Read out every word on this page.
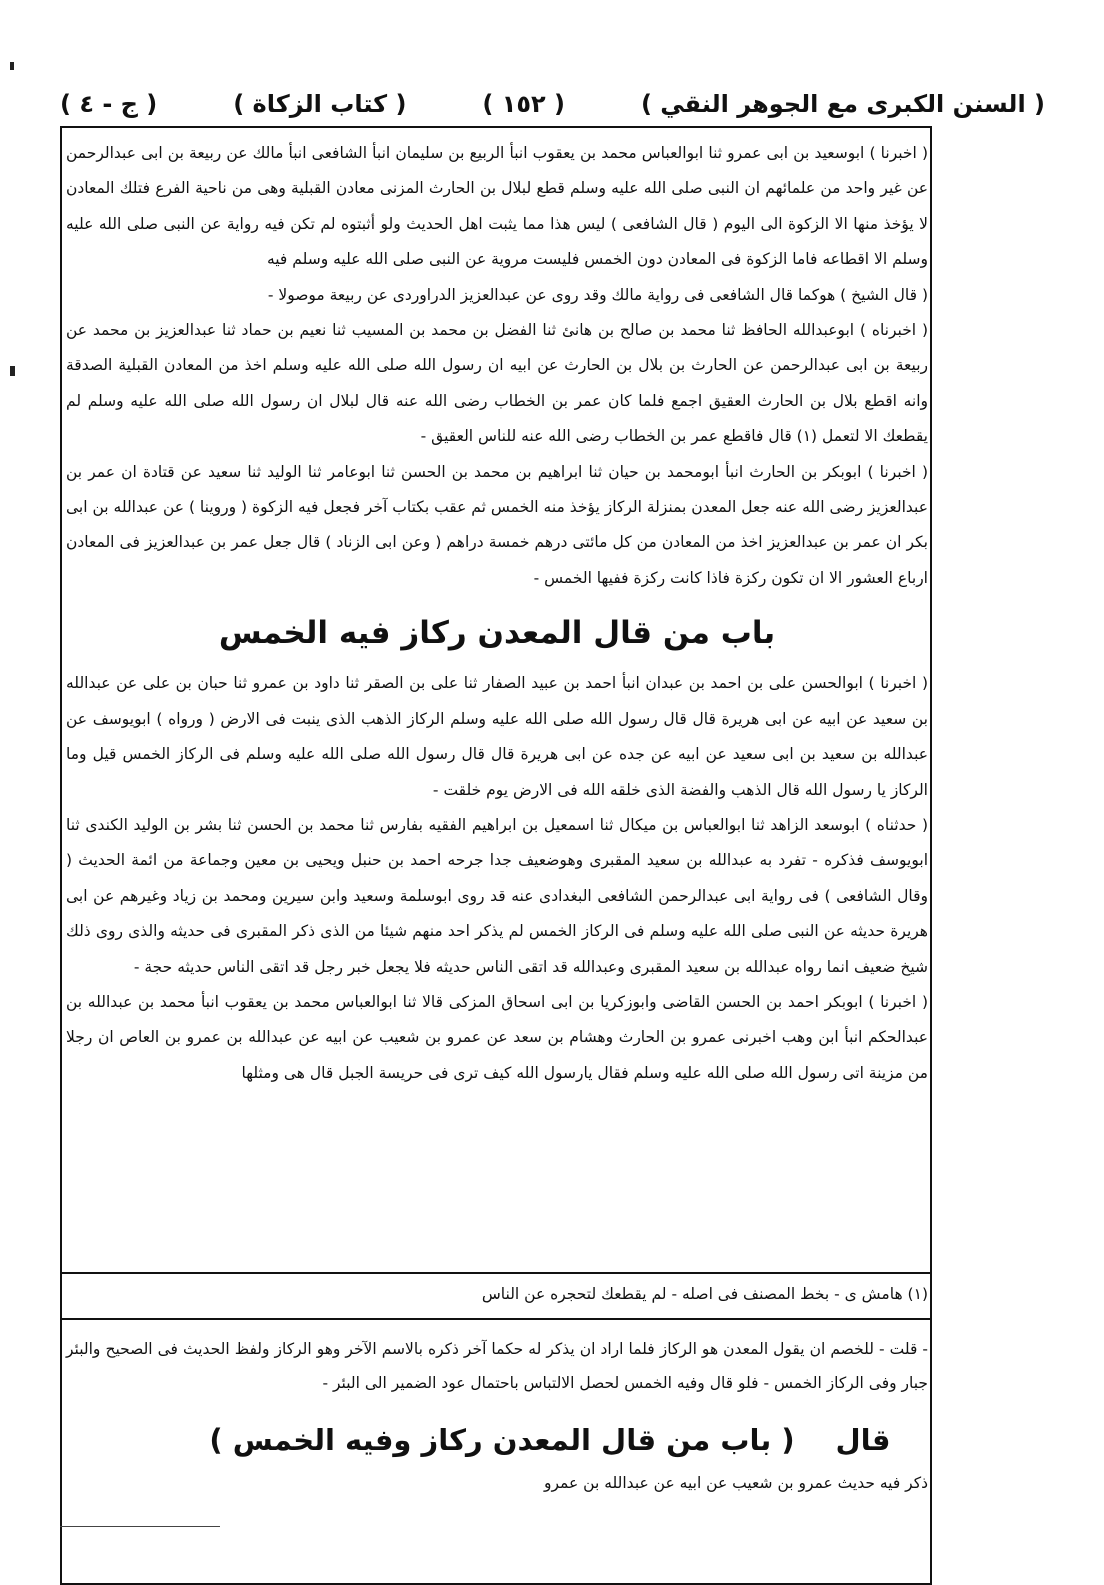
( السنن الكبرى مع الجوهر النقي )
( ١٥٢ )
( كتاب الزكاة )
( ج - ٤ )

( اخبرنا ) ابوسعيد بن ابى عمرو ثنا ابوالعباس محمد بن يعقوب انبأ الربيع بن سليمان انبأ الشافعى انبأ مالك عن ربيعة بن ابى عبدالرحمن عن غير واحد من علمائهم ان النبى صلى الله عليه وسلم قطع لبلال بن الحارث المزنى معادن القبلية وهى من ناحية الفرع فتلك المعادن لا يؤخذ منها الا الزكوة الى اليوم ( قال الشافعى ) ليس هذا مما يثبت اهل الحديث ولو أثبتوه لم تكن فيه رواية عن النبى صلى الله عليه وسلم الا اقطاعه فاما الزكوة فى المعادن دون الخمس فليست مروية عن النبى صلى الله عليه وسلم فيه

( قال الشيخ ) هوكما قال الشافعى فى رواية مالك وقد روى عن عبدالعزيز الدراوردى عن ربيعة موصولا -

( اخبرناه ) ابوعبدالله الحافظ ثنا محمد بن صالح بن هانئ ثنا الفضل بن محمد بن المسيب ثنا نعيم بن حماد ثنا عبدالعزيز بن محمد عن ربيعة بن ابى عبدالرحمن عن الحارث بن بلال بن الحارث عن ابيه ان رسول الله صلى الله عليه وسلم اخذ من المعادن القبلية الصدقة وانه اقطع بلال بن الحارث العقيق اجمع فلما كان عمر بن الخطاب رضى الله عنه قال لبلال ان رسول الله صلى الله عليه وسلم لم يقطعك الا لتعمل (١) قال فاقطع عمر بن الخطاب رضى الله عنه للناس العقيق -

( اخبرنا ) ابوبكر بن الحارث انبأ ابومحمد بن حيان ثنا ابراهيم بن محمد بن الحسن ثنا ابوعامر ثنا الوليد ثنا سعيد عن قتادة ان عمر بن عبدالعزيز رضى الله عنه جعل المعدن بمنزلة الركاز يؤخذ منه الخمس ثم عقب بكتاب آخر فجعل فيه الزكوة ( وروينا ) عن عبدالله بن ابى بكر ان عمر بن عبدالعزيز اخذ من المعادن من كل مائتى درهم خمسة دراهم ( وعن ابى الزناد ) قال جعل عمر بن عبدالعزيز فى المعادن ارباع العشور الا ان تكون ركزة فاذا كانت ركزة ففيها الخمس -

باب من قال المعدن ركاز فيه الخمس

( اخبرنا ) ابوالحسن على بن احمد بن عبدان انبأ احمد بن عبيد الصفار ثنا على بن الصقر ثنا داود بن عمرو ثنا حبان بن على عن عبدالله بن سعيد عن ابيه عن ابى هريرة قال قال رسول الله صلى الله عليه وسلم الركاز الذهب الذى ينبت فى الارض ( ورواه ) ابويوسف عن عبدالله بن سعيد بن ابى سعيد عن ابيه عن جده عن ابى هريرة قال قال رسول الله صلى الله عليه وسلم فى الركاز الخمس قيل وما الركاز يا رسول الله قال الذهب والفضة الذى خلقه الله فى الارض يوم خلقت -

( حدثناه ) ابوسعد الزاهد ثنا ابوالعباس بن ميكال ثنا اسمعيل بن ابراهيم الفقيه بفارس ثنا محمد بن الحسن ثنا بشر بن الوليد الكندى ثنا ابويوسف فذكره - تفرد به عبدالله بن سعيد المقبرى وهوضعيف جدا جرحه احمد بن حنبل ويحيى بن معين وجماعة من ائمة الحديث ( وقال الشافعى ) فى رواية ابى عبدالرحمن الشافعى البغدادى عنه قد روى ابوسلمة وسعيد وابن سيرين ومحمد بن زياد وغيرهم عن ابى هريرة حديثه عن النبى صلى الله عليه وسلم فى الركاز الخمس لم يذكر احد منهم شيئا من الذى ذكر المقبرى فى حديثه والذى روى ذلك شيخ ضعيف انما رواه عبدالله بن سعيد المقبرى وعبدالله قد اتقى الناس حديثه فلا يجعل خبر رجل قد اتقى الناس حديثه حجة -

( اخبرنا ) ابوبكر احمد بن الحسن القاضى وابوزكريا بن ابى اسحاق المزكى قالا ثنا ابوالعباس محمد بن يعقوب انبأ محمد بن عبدالله بن عبدالحكم انبأ ابن وهب اخبرنى عمرو بن الحارث وهشام بن سعد عن عمرو بن شعيب عن ابيه عن عبدالله بن عمرو بن العاص ان رجلا من مزينة اتى رسول الله صلى الله عليه وسلم فقال يارسول الله كيف ترى فى حريسة الجبل قال هى ومثلها

(١) هامش ى - بخط المصنف فى اصله - لم يقطعك لتحجره عن الناس

- قلت - للخصم ان يقول المعدن هو الركاز فلما اراد ان يذكر له حكما آخر ذكره بالاسم الآخر وهو الركاز ولفظ الحديث فى الصحيح والبئر جبار وفى الركاز الخمس - فلو قال وفيه الخمس لحصل الالتباس باحتمال عود الضمير الى البئر -

قال
( باب من قال المعدن ركاز وفيه الخمس )

ذكر فيه حديث عمرو بن شعيب عن ابيه عن عبدالله بن عمرو
